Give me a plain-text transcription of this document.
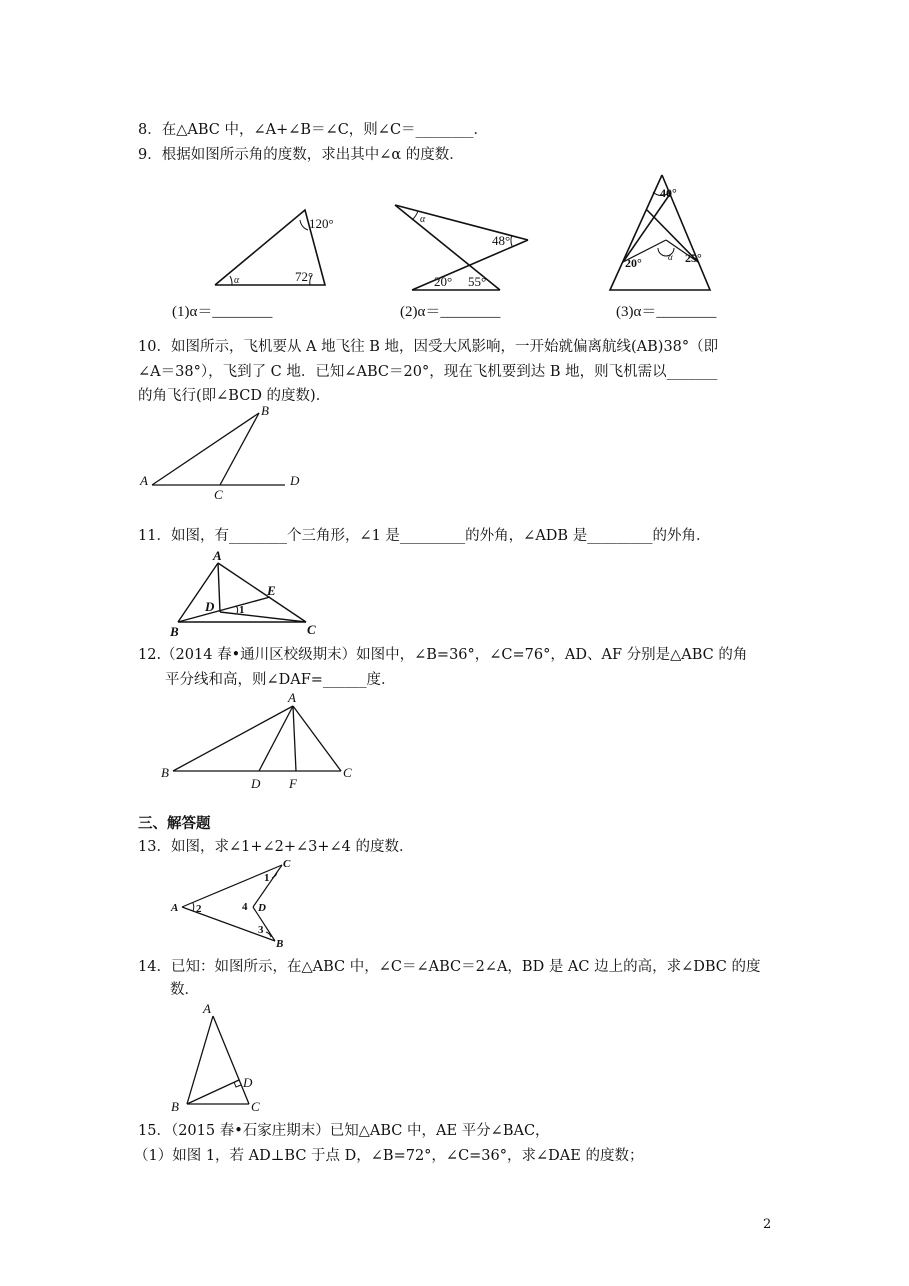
8．在△ABC 中，∠A+∠B＝∠C，则∠C＝________．
9．根据如图所示角的度数，求出其中∠α 的度数．
120°
72°
α
(1)α＝________
α
48°
20° 55°
(2)α＝________
40°
20°	25°
α
(3)α＝________
10．如图所示，飞机要从 A 地飞往 B 地，因受大风影响，一开始就偏离航线(AB)38°（即
∠A＝38°），飞到了 C 地．已知∠ABC＝20°，现在飞机要到达 B 地，则飞机需以_______
的角飞行(即∠BCD 的度数)．
A
B
C
D
11．如图，有________个三角形，∠1 是_________的外角，∠ADB 是_________的外角．
A
B	C
D
E
1
12.（2014 春•通川区校级期末）如图中，∠B=36°，∠C=76°，AD、AF 分别是△ABC 的角
平分线和高，则∠DAF=______度．
A
B	C
D F
三、解答题
13．如图，求∠1+∠2+∠3+∠4 的度数．
A
B
C
D
1
2
3
4
14．已知：如图所示，在△ABC 中，∠C＝∠ABC＝2∠A，BD 是 AC 边上的高，求∠DBC 的度
数．
A
B	C
D
15．（2015 春•石家庄期末）已知△ABC 中，AE 平分∠BAC，
（1）如图 1，若 AD⊥BC 于点 D，∠B=72°，∠C=36°，求∠DAE 的度数；
2
